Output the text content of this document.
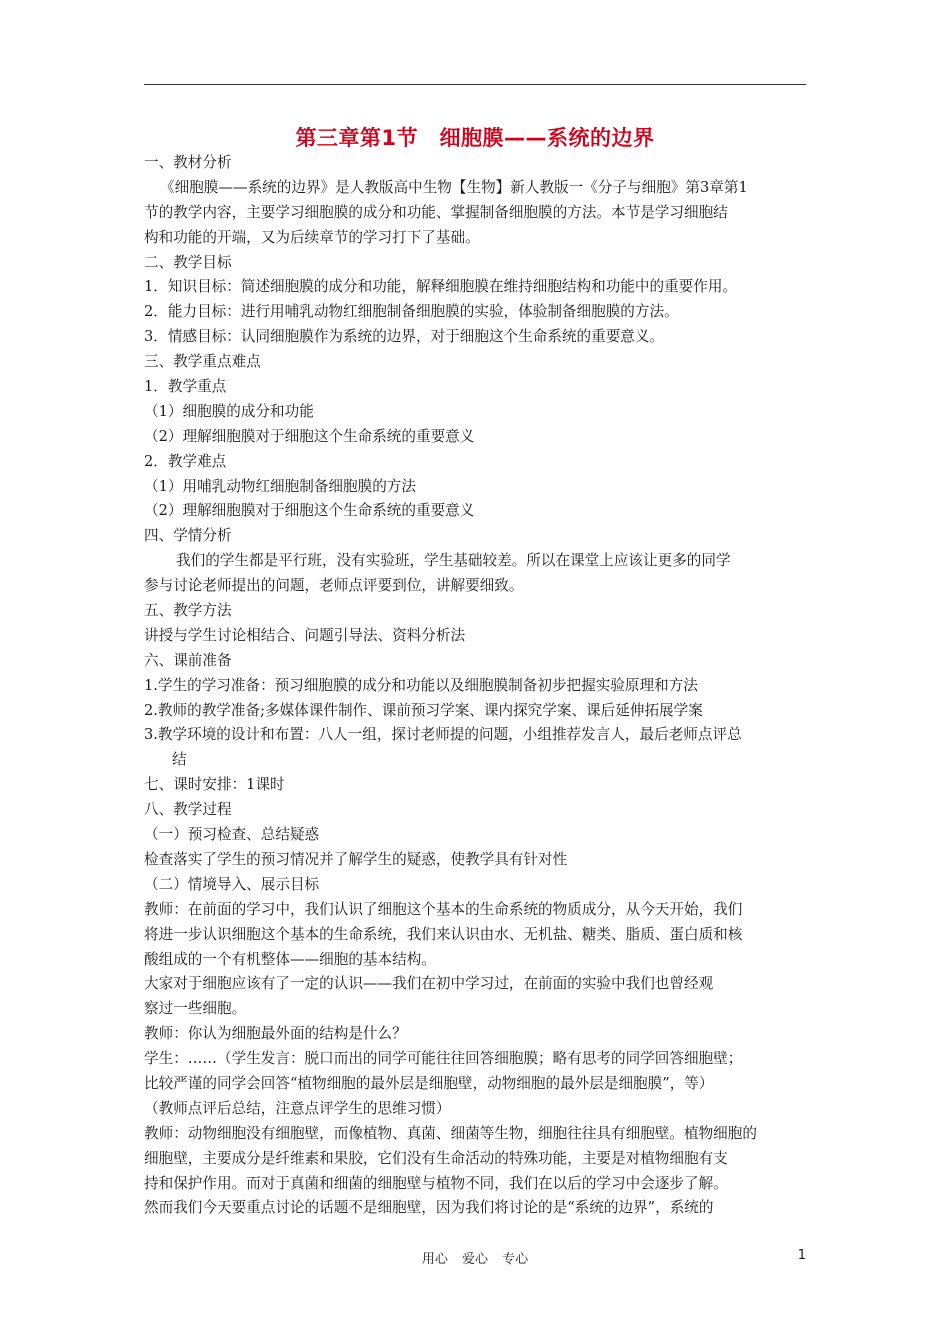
第三章第1节　细胞膜——系统的边界
一、教材分析
《细胞膜——系统的边界》是人教版高中生物【生物】新人教版一《分子与细胞》第3章第1
节的教学内容，主要学习细胞膜的成分和功能、掌握制备细胞膜的方法。本节是学习细胞结
构和功能的开端，又为后续章节的学习打下了基础。
二、教学目标
1．知识目标：简述细胞膜的成分和功能，解释细胞膜在维持细胞结构和功能中的重要作用。
2．能力目标：进行用哺乳动物红细胞制备细胞膜的实验，体验制备细胞膜的方法。
3．情感目标：认同细胞膜作为系统的边界，对于细胞这个生命系统的重要意义。
三、教学重点难点
1．教学重点
（1）细胞膜的成分和功能
（2）理解细胞膜对于细胞这个生命系统的重要意义
2．教学难点
（1）用哺乳动物红细胞制备细胞膜的方法
（2）理解细胞膜对于细胞这个生命系统的重要意义
四、学情分析
我们的学生都是平行班，没有实验班，学生基础较差。所以在课堂上应该让更多的同学
参与讨论老师提出的问题，老师点评要到位，讲解要细致。
五、教学方法
讲授与学生讨论相结合、问题引导法、资料分析法
六、课前准备
1.学生的学习准备：预习细胞膜的成分和功能以及细胞膜制备初步把握实验原理和方法
2.教师的教学准备;多媒体课件制作、课前预习学案、课内探究学案、课后延伸拓展学案
3.教学环境的设计和布置：八人一组，探讨老师提的问题，小组推荐发言人，最后老师点评总
结
七、课时安排：1课时
八、教学过程
（一）预习检查、总结疑惑
检查落实了学生的预习情况并了解学生的疑惑，使教学具有针对性
（二）情境导入、展示目标
教师：在前面的学习中，我们认识了细胞这个基本的生命系统的物质成分，从今天开始，我们
将进一步认识细胞这个基本的生命系统，我们来认识由水、无机盐、糖类、脂质、蛋白质和核
酸组成的一个有机整体——细胞的基本结构。
大家对于细胞应该有了一定的认识——我们在初中学习过，在前面的实验中我们也曾经观
察过一些细胞。
教师：你认为细胞最外面的结构是什么？
学生：……（学生发言：脱口而出的同学可能往往回答细胞膜；略有思考的同学回答细胞壁；
比较严谨的同学会回答“植物细胞的最外层是细胞壁，动物细胞的最外层是细胞膜”，等）
（教师点评后总结，注意点评学生的思维习惯）
教师：动物细胞没有细胞壁，而像植物、真菌、细菌等生物，细胞往往具有细胞壁。植物细胞的
细胞壁，主要成分是纤维素和果胶，它们没有生命活动的特殊功能，主要是对植物细胞有支
持和保护作用。而对于真菌和细菌的细胞壁与植物不同，我们在以后的学习中会逐步了解。
然而我们今天要重点讨论的话题不是细胞壁，因为我们将讨论的是“系统的边界”，系统的
用心 爱心 专心	1
